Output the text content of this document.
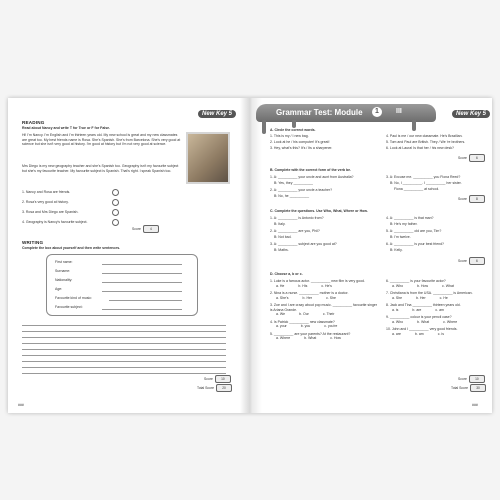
New Key 5
READING
Read about Nancy and write T for True or F for False.
Hi! I'm Nancy. I'm English and I'm thirteen years old. My new school is great and my new classmates are great too. My best friends name is Rosa. She's Spanish. She's from Barcelona. She's very good at science but she isn't very good at history. I'm good at history but I'm not very good at science.
Mrs Diego is my new geography teacher and she's Spanish too. Geography isn't my favourite subject but she's my favourite teacher. My favourite subject is Spanish. That's right. I speak Spanish too.
1. Nancy and Rosa are friends.
2. Rosa's very good at history.
3. Rosa and Mrs Diego are Spanish.
4. Geography is Nancy's favourite subject.
Score	4
WRITING
Complete the box about yourself and then write sentences.
First name:
Surname:
Nationality:
Age:
Favourite kind of music:
Favourite subject:
Score	10
Total Score	20
###
Grammar Test: Module	1	III	New Key 5
A. Circle the correct words.
1. This is my / I new bag.
2. Look at he / his computer! It's great!
3. Hey, what's this? It's / Its a sharpener.
4. Paul is me / our new classmate. He's Brazilian.
5. Tom and Paul are British. They / We 're brothers.
6. Look at Laura! Is that her / his new desk?
Score	6
B. Complete with the correct form of the verb be.
1. A: __________ your uncle and aunt from Australia?
B: Yes, they __________
2. A: __________ your uncle a teacher?
B: No, he __________
3. A: Excuse me. __________ you Fiona Reed?
B: No, I __________. I __________ her sister.
Fiona __________ at school.
Score	8
C. Complete the questions. Use Who, What, Where or How.
1. A: __________ is Antonio from?
B: Italy.
2. A: __________ are you, Phil?
B: Not bad.
3. A: __________ subject are you good at?
B: Maths.
4. A: __________ is that man?
B: He's my father.
5. A: __________ old are you, Tim?
B: I'm twelve.
6. A: __________ is your best friend?
B: Kelly.
Score	6
D. Choose a, b or c.
1. Luke is a famous actor. __________ new film is very good.
a. He	b. His	c. He's
2. Nina is a nurse. __________ mother is a doctor.
a. She's	b. Her	c. She
3. Zoe and I are crazy about pop music. __________ favourite singer is Ariana Grande.
a. We	b. Our	c. Their
4. Is Patrick __________ new classmate?
a. your	b. you	c. you're
5. __________ are your parents? At the restaurant?
a. Where	b. What	c. How
6. __________ is your favourite actor?
a. Who	b. How	c. What
7. Christiana is from the USA. __________ is American.
a. She	b. Her	c. He
8. Jack and Tina __________ thirteen years old.
a. is	b. are	c. am
9. __________ colour is your pencil case?
a. Who	b. What	c. Where
10. John and I __________ very good friends.
a. are	b. am	c. is
Score	10
Total Score	30
###
